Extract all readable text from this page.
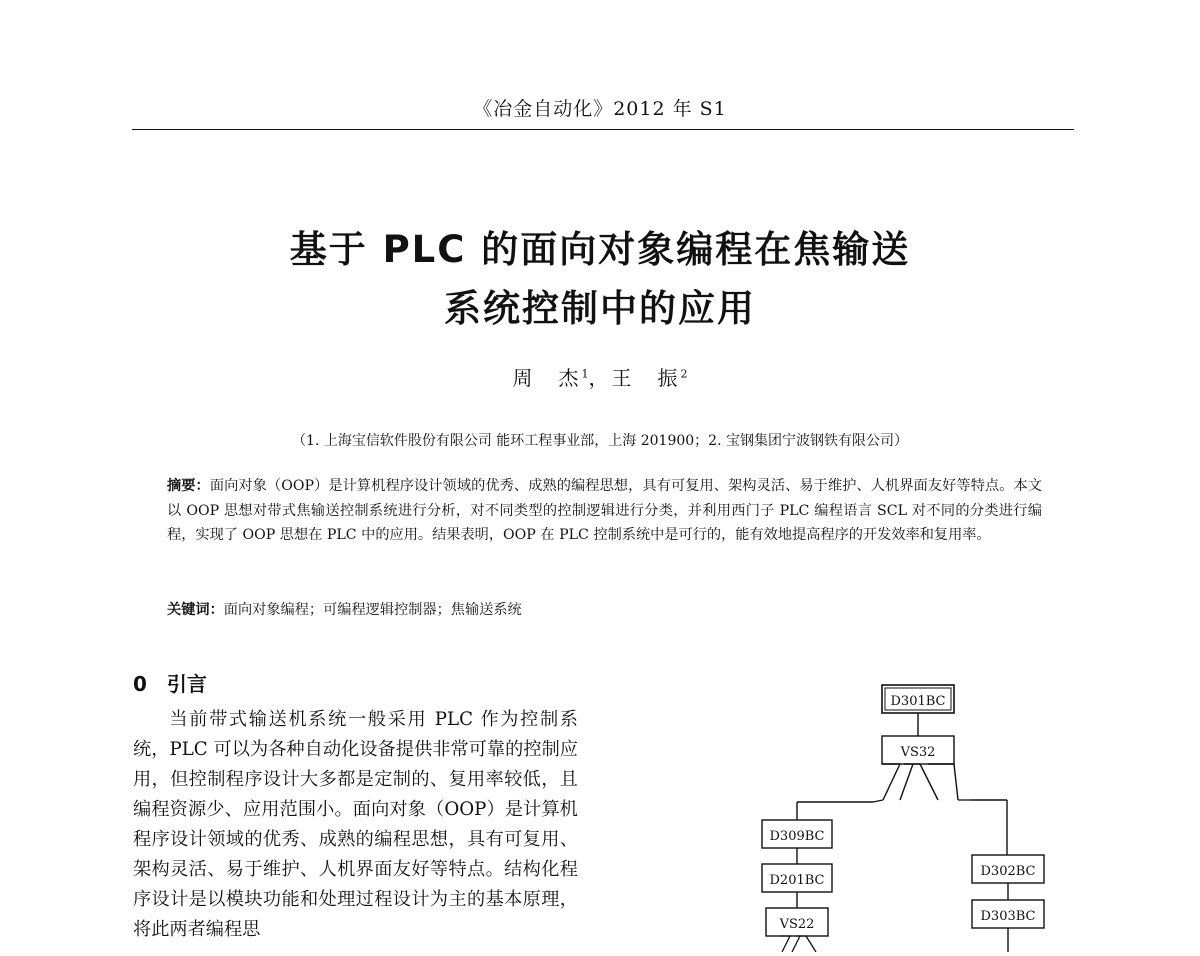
《冶金自动化》2012 年 S1
基于 PLC 的面向对象编程在焦输送
系统控制中的应用
周　杰$^1$，王　振$^2$
（1. 上海宝信软件股份有限公司 能环工程事业部，上海 201900；2. 宝钢集团宁波钢铁有限公司）
摘要：面向对象（OOP）是计算机程序设计领域的优秀、成熟的编程思想，具有可复用、架构灵活、易于维护、人机界面友好等特点。本文以 OOP 思想对带式焦输送控制系统进行分析，对不同类型的控制逻辑进行分类，并利用西门子 PLC 编程语言 SCL 对不同的分类进行编程，实现了 OOP 思想在 PLC 中的应用。结果表明，OOP 在 PLC 控制系统中是可行的，能有效地提高程序的开发效率和复用率。
关键词：面向对象编程；可编程逻辑控制器；焦输送系统
0　引言
当前带式输送机系统一般采用 PLC 作为控制系统，PLC 可以为各种自动化设备提供非常可靠的控制应用，但控制程序设计大多都是定制的、复用率较低，且编程资源少、应用范围小。面向对象（OOP）是计算机程序设计领域的优秀、成熟的编程思想，具有可复用、架构灵活、易于维护、人机界面友好等特点。结构化程序设计是以模块功能和处理过程设计为主的基本原理，将此两者编程思
D301BC
VS32
D309BC
D201BC
VS22
D302BC
D303BC
